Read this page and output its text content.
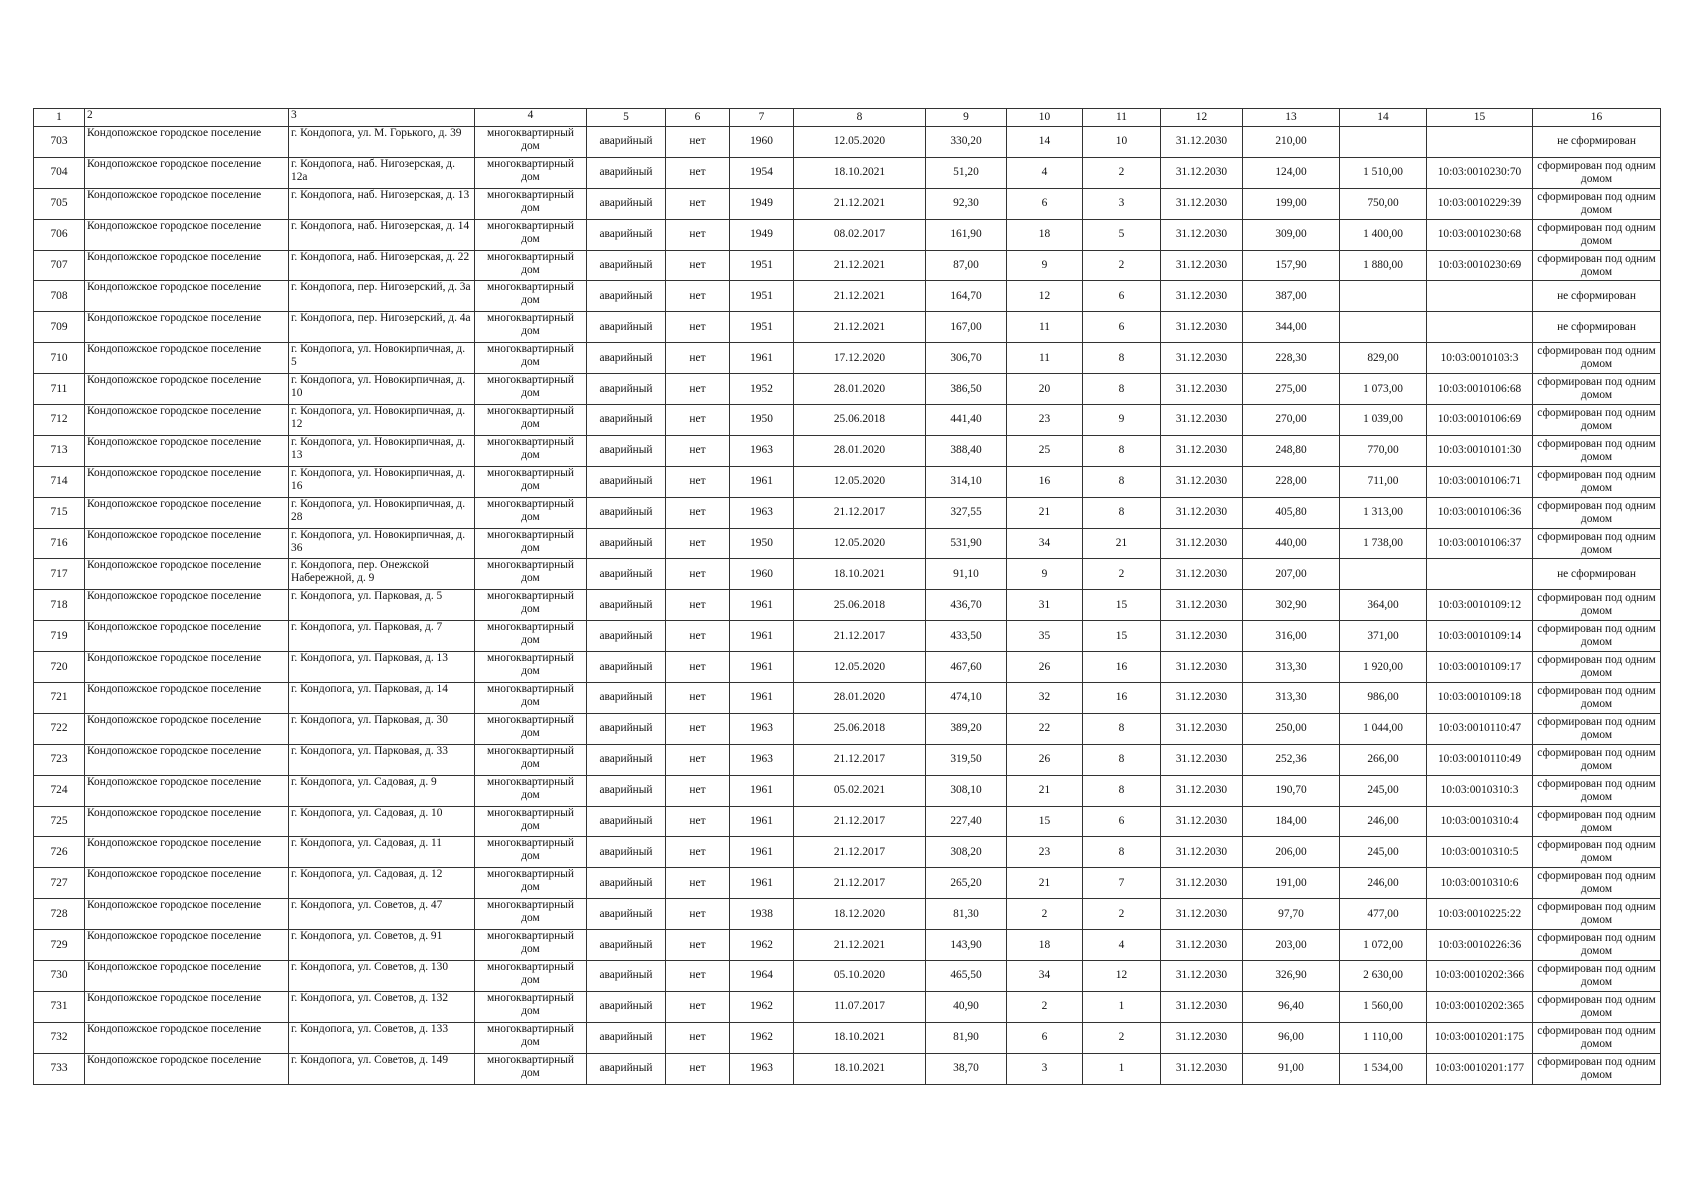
1	2	3	4	5	6	7	8	9	10	11	12	13	14	15	16
703	Кондопожское городское поселение	г. Кондопога, ул. М. Горького, д. 39	многоквартирный дом	аварийный	нет	1960	12.05.2020	330,20	14	10	31.12.2030	210,00			не сформирован
704	Кондопожское городское поселение	г. Кондопога, наб. Нигозерская, д. 12а	многоквартирный дом	аварийный	нет	1954	18.10.2021	51,20	4	2	31.12.2030	124,00	1 510,00	10:03:0010230:70	сформирован под одним домом
705	Кондопожское городское поселение	г. Кондопога, наб. Нигозерская, д. 13	многоквартирный дом	аварийный	нет	1949	21.12.2021	92,30	6	3	31.12.2030	199,00	750,00	10:03:0010229:39	сформирован под одним домом
706	Кондопожское городское поселение	г. Кондопога, наб. Нигозерская, д. 14	многоквартирный дом	аварийный	нет	1949	08.02.2017	161,90	18	5	31.12.2030	309,00	1 400,00	10:03:0010230:68	сформирован под одним домом
707	Кондопожское городское поселение	г. Кондопога, наб. Нигозерская, д. 22	многоквартирный дом	аварийный	нет	1951	21.12.2021	87,00	9	2	31.12.2030	157,90	1 880,00	10:03:0010230:69	сформирован под одним домом
708	Кондопожское городское поселение	г. Кондопога, пер. Нигозерский, д. 3а	многоквартирный дом	аварийный	нет	1951	21.12.2021	164,70	12	6	31.12.2030	387,00			не сформирован
709	Кондопожское городское поселение	г. Кондопога, пер. Нигозерский, д. 4а	многоквартирный дом	аварийный	нет	1951	21.12.2021	167,00	11	6	31.12.2030	344,00			не сформирован
710	Кондопожское городское поселение	г. Кондопога, ул. Новокирпичная, д. 5	многоквартирный дом	аварийный	нет	1961	17.12.2020	306,70	11	8	31.12.2030	228,30	829,00	10:03:0010103:3	сформирован под одним домом
711	Кондопожское городское поселение	г. Кондопога, ул. Новокирпичная, д. 10	многоквартирный дом	аварийный	нет	1952	28.01.2020	386,50	20	8	31.12.2030	275,00	1 073,00	10:03:0010106:68	сформирован под одним домом
712	Кондопожское городское поселение	г. Кондопога, ул. Новокирпичная, д. 12	многоквартирный дом	аварийный	нет	1950	25.06.2018	441,40	23	9	31.12.2030	270,00	1 039,00	10:03:0010106:69	сформирован под одним домом
713	Кондопожское городское поселение	г. Кондопога, ул. Новокирпичная, д. 13	многоквартирный дом	аварийный	нет	1963	28.01.2020	388,40	25	8	31.12.2030	248,80	770,00	10:03:0010101:30	сформирован под одним домом
714	Кондопожское городское поселение	г. Кондопога, ул. Новокирпичная, д. 16	многоквартирный дом	аварийный	нет	1961	12.05.2020	314,10	16	8	31.12.2030	228,00	711,00	10:03:0010106:71	сформирован под одним домом
715	Кондопожское городское поселение	г. Кондопога, ул. Новокирпичная, д. 28	многоквартирный дом	аварийный	нет	1963	21.12.2017	327,55	21	8	31.12.2030	405,80	1 313,00	10:03:0010106:36	сформирован под одним домом
716	Кондопожское городское поселение	г. Кондопога, ул. Новокирпичная, д. 36	многоквартирный дом	аварийный	нет	1950	12.05.2020	531,90	34	21	31.12.2030	440,00	1 738,00	10:03:0010106:37	сформирован под одним домом
717	Кондопожское городское поселение	г. Кондопога, пер. Онежской Набережной, д. 9	многоквартирный дом	аварийный	нет	1960	18.10.2021	91,10	9	2	31.12.2030	207,00			не сформирован
718	Кондопожское городское поселение	г. Кондопога, ул. Парковая, д. 5	многоквартирный дом	аварийный	нет	1961	25.06.2018	436,70	31	15	31.12.2030	302,90	364,00	10:03:0010109:12	сформирован под одним домом
719	Кондопожское городское поселение	г. Кондопога, ул. Парковая, д. 7	многоквартирный дом	аварийный	нет	1961	21.12.2017	433,50	35	15	31.12.2030	316,00	371,00	10:03:0010109:14	сформирован под одним домом
720	Кондопожское городское поселение	г. Кондопога, ул. Парковая, д. 13	многоквартирный дом	аварийный	нет	1961	12.05.2020	467,60	26	16	31.12.2030	313,30	1 920,00	10:03:0010109:17	сформирован под одним домом
721	Кондопожское городское поселение	г. Кондопога, ул. Парковая, д. 14	многоквартирный дом	аварийный	нет	1961	28.01.2020	474,10	32	16	31.12.2030	313,30	986,00	10:03:0010109:18	сформирован под одним домом
722	Кондопожское городское поселение	г. Кондопога, ул. Парковая, д. 30	многоквартирный дом	аварийный	нет	1963	25.06.2018	389,20	22	8	31.12.2030	250,00	1 044,00	10:03:0010110:47	сформирован под одним домом
723	Кондопожское городское поселение	г. Кондопога, ул. Парковая, д. 33	многоквартирный дом	аварийный	нет	1963	21.12.2017	319,50	26	8	31.12.2030	252,36	266,00	10:03:0010110:49	сформирован под одним домом
724	Кондопожское городское поселение	г. Кондопога, ул. Садовая, д. 9	многоквартирный дом	аварийный	нет	1961	05.02.2021	308,10	21	8	31.12.2030	190,70	245,00	10:03:0010310:3	сформирован под одним домом
725	Кондопожское городское поселение	г. Кондопога, ул. Садовая, д. 10	многоквартирный дом	аварийный	нет	1961	21.12.2017	227,40	15	6	31.12.2030	184,00	246,00	10:03:0010310:4	сформирован под одним домом
726	Кондопожское городское поселение	г. Кондопога, ул. Садовая, д. 11	многоквартирный дом	аварийный	нет	1961	21.12.2017	308,20	23	8	31.12.2030	206,00	245,00	10:03:0010310:5	сформирован под одним домом
727	Кондопожское городское поселение	г. Кондопога, ул. Садовая, д. 12	многоквартирный дом	аварийный	нет	1961	21.12.2017	265,20	21	7	31.12.2030	191,00	246,00	10:03:0010310:6	сформирован под одним домом
728	Кондопожское городское поселение	г. Кондопога, ул. Советов, д. 47	многоквартирный дом	аварийный	нет	1938	18.12.2020	81,30	2	2	31.12.2030	97,70	477,00	10:03:0010225:22	сформирован под одним домом
729	Кондопожское городское поселение	г. Кондопога, ул. Советов, д. 91	многоквартирный дом	аварийный	нет	1962	21.12.2021	143,90	18	4	31.12.2030	203,00	1 072,00	10:03:0010226:36	сформирован под одним домом
730	Кондопожское городское поселение	г. Кондопога, ул. Советов, д. 130	многоквартирный дом	аварийный	нет	1964	05.10.2020	465,50	34	12	31.12.2030	326,90	2 630,00	10:03:0010202:366	сформирован под одним домом
731	Кондопожское городское поселение	г. Кондопога, ул. Советов, д. 132	многоквартирный дом	аварийный	нет	1962	11.07.2017	40,90	2	1	31.12.2030	96,40	1 560,00	10:03:0010202:365	сформирован под одним домом
732	Кондопожское городское поселение	г. Кондопога, ул. Советов, д. 133	многоквартирный дом	аварийный	нет	1962	18.10.2021	81,90	6	2	31.12.2030	96,00	1 110,00	10:03:0010201:175	сформирован под одним домом
733	Кондопожское городское поселение	г. Кондопога, ул. Советов, д. 149	многоквартирный дом	аварийный	нет	1963	18.10.2021	38,70	3	1	31.12.2030	91,00	1 534,00	10:03:0010201:177	сформирован под одним домом
